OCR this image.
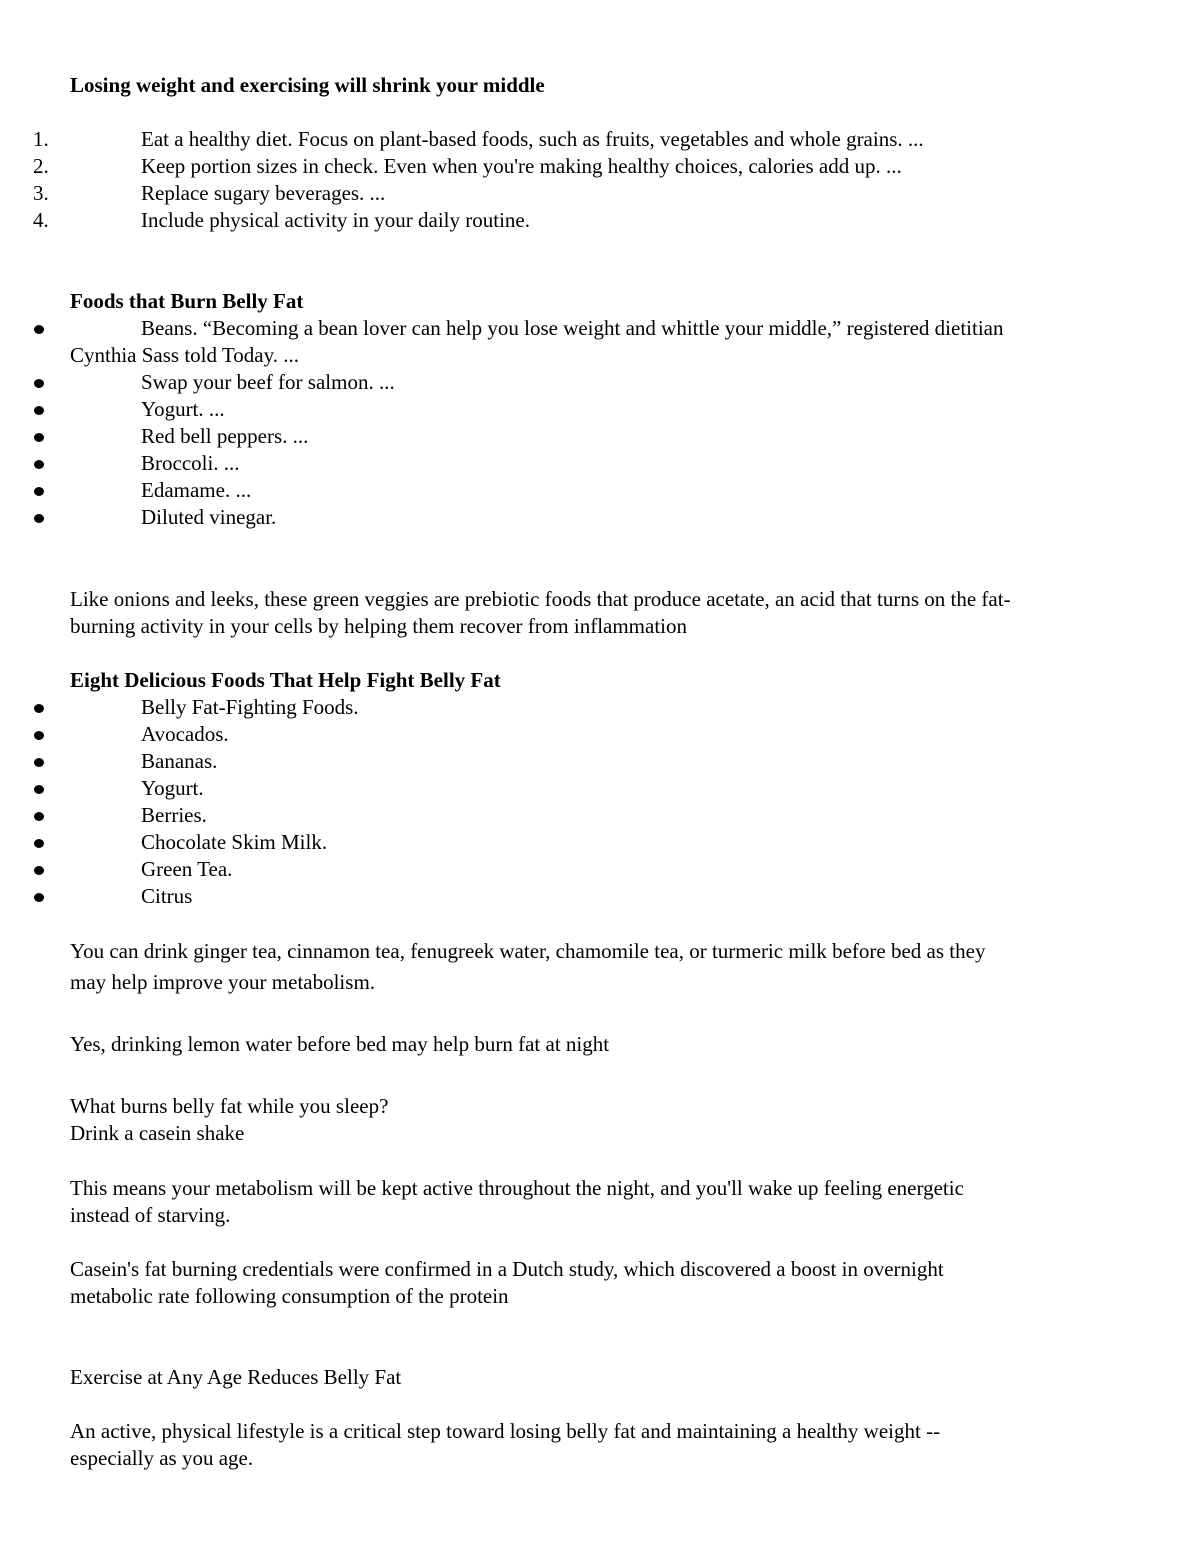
Losing weight and exercising will shrink your middle
1.	Eat a healthy diet. Focus on plant-based foods, such as fruits, vegetables and whole grains. ...
2.	Keep portion sizes in check. Even when you're making healthy choices, calories add up. ...
3.	Replace sugary beverages. ...
4.	Include physical activity in your daily routine.
Foods that Burn Belly Fat
Beans. “Becoming a bean lover can help you lose weight and whittle your middle,” registered dietitian
Cynthia Sass told Today. ...
Swap your beef for salmon. ...
Yogurt. ...
Red bell peppers. ...
Broccoli. ...
Edamame. ...
Diluted vinegar.
Like onions and leeks, these green veggies are prebiotic foods that produce acetate, an acid that turns on the fat-
burning activity in your cells by helping them recover from inflammation
Eight Delicious Foods That Help Fight Belly Fat
Belly Fat-Fighting Foods.
Avocados.
Bananas.
Yogurt.
Berries.
Chocolate Skim Milk.
Green Tea.
Citrus
You can drink ginger tea, cinnamon tea, fenugreek water, chamomile tea, or turmeric milk before bed as they
may help improve your metabolism.
Yes, drinking lemon water before bed may help burn fat at night
What burns belly fat while you sleep?
Drink a casein shake
This means your metabolism will be kept active throughout the night, and you'll wake up feeling energetic
instead of starving.
Casein's fat burning credentials were confirmed in a Dutch study, which discovered a boost in overnight
metabolic rate following consumption of the protein
Exercise at Any Age Reduces Belly Fat
An active, physical lifestyle is a critical step toward losing belly fat and maintaining a healthy weight --
especially as you age.
